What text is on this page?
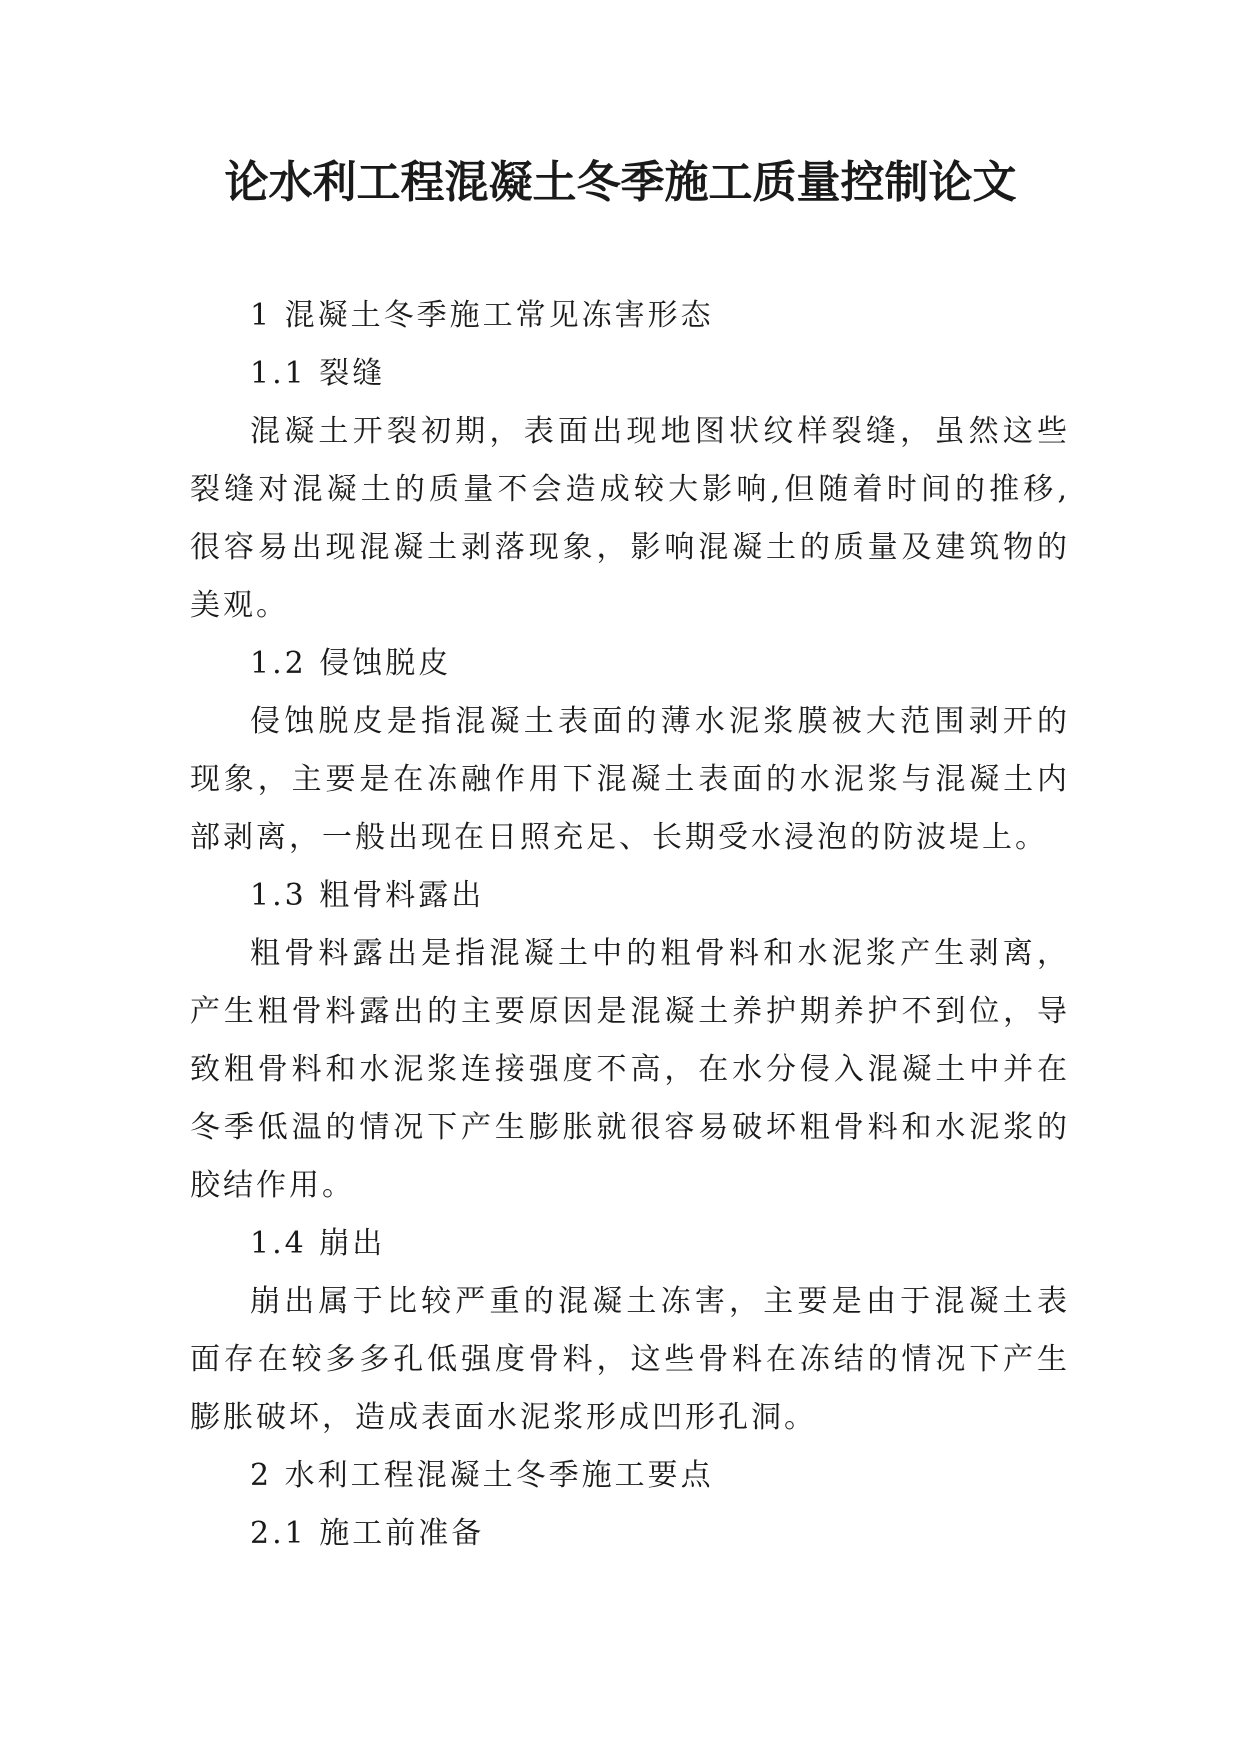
论水利工程混凝土冬季施工质量控制论文

1 混凝土冬季施工常见冻害形态

1.1 裂缝

混凝土开裂初期，表面出现地图状纹样裂缝，虽然这些裂缝对混凝土的质量不会造成较大影响,但随着时间的推移,很容易出现混凝土剥落现象，影响混凝土的质量及建筑物的美观。

1.2 侵蚀脱皮

侵蚀脱皮是指混凝土表面的薄水泥浆膜被大范围剥开的现象，主要是在冻融作用下混凝土表面的水泥浆与混凝土内部剥离，一般出现在日照充足、长期受水浸泡的防波堤上。

1.3 粗骨料露出

粗骨料露出是指混凝土中的粗骨料和水泥浆产生剥离，产生粗骨料露出的主要原因是混凝土养护期养护不到位，导致粗骨料和水泥浆连接强度不高，在水分侵入混凝土中并在冬季低温的情况下产生膨胀就很容易破坏粗骨料和水泥浆的胶结作用。

1.4 崩出

崩出属于比较严重的混凝土冻害，主要是由于混凝土表面存在较多多孔低强度骨料，这些骨料在冻结的情况下产生膨胀破坏，造成表面水泥浆形成凹形孔洞。

2 水利工程混凝土冬季施工要点

2.1 施工前准备
